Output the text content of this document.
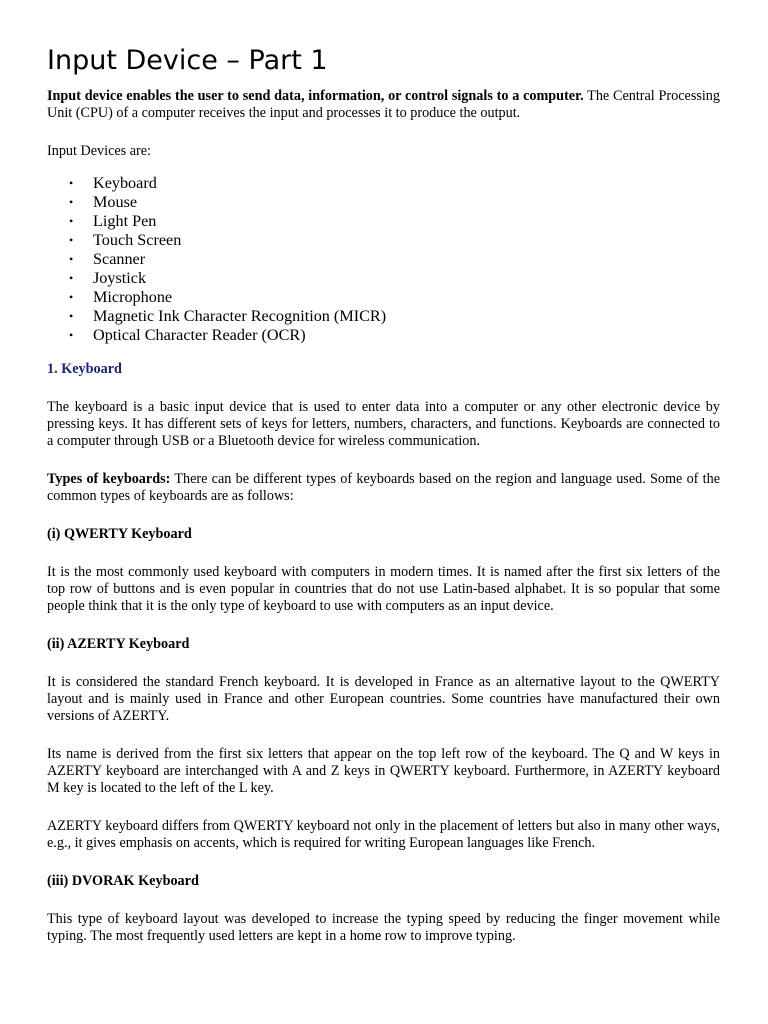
Input Device – Part 1

Input device enables the user to send data, information, or control signals to a computer. The Central Processing Unit (CPU) of a computer receives the input and processes it to produce the output.

Input Devices are:

• Keyboard
• Mouse
• Light Pen
• Touch Screen
• Scanner
• Joystick
• Microphone
• Magnetic Ink Character Recognition (MICR)
• Optical Character Reader (OCR)

1. Keyboard

The keyboard is a basic input device that is used to enter data into a computer or any other electronic device by pressing keys. It has different sets of keys for letters, numbers, characters, and functions. Keyboards are connected to a computer through USB or a Bluetooth device for wireless communication.

Types of keyboards: There can be different types of keyboards based on the region and language used. Some of the common types of keyboards are as follows:

(i) QWERTY Keyboard

It is the most commonly used keyboard with computers in modern times. It is named after the first six letters of the top row of buttons and is even popular in countries that do not use Latin-based alphabet. It is so popular that some people think that it is the only type of keyboard to use with computers as an input device.

(ii) AZERTY Keyboard

It is considered the standard French keyboard. It is developed in France as an alternative layout to the QWERTY layout and is mainly used in France and other European countries. Some countries have manufactured their own versions of AZERTY.

Its name is derived from the first six letters that appear on the top left row of the keyboard. The Q and W keys in AZERTY keyboard are interchanged with A and Z keys in QWERTY keyboard. Furthermore, in AZERTY keyboard M key is located to the left of the L key.

AZERTY keyboard differs from QWERTY keyboard not only in the placement of letters but also in many other ways, e.g., it gives emphasis on accents, which is required for writing European languages like French.

(iii) DVORAK Keyboard

This type of keyboard layout was developed to increase the typing speed by reducing the finger movement while typing. The most frequently used letters are kept in a home row to improve typing.
